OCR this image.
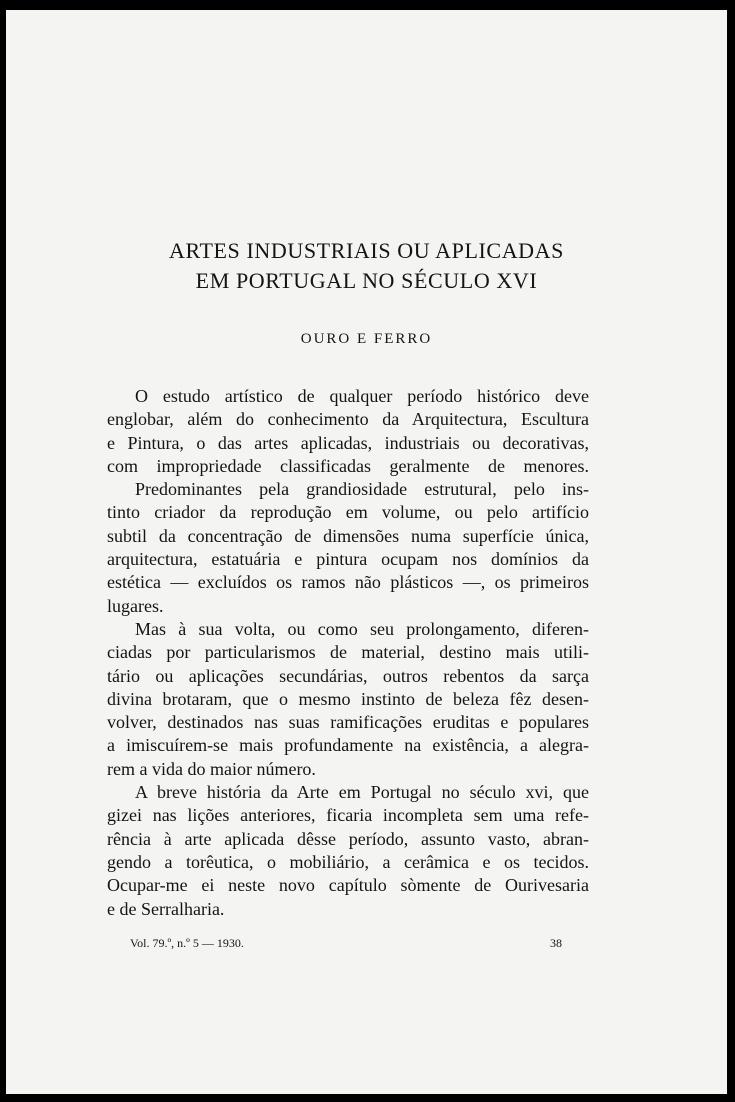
ARTES INDUSTRIAIS OU APLICADAS
EM PORTUGAL NO SÉCULO XVI
OURO E FERRO
O estudo artístico de qualquer período histórico deve
englobar, além do conhecimento da Arquitectura, Escultura
e Pintura, o das artes aplicadas, industriais ou decorativas,
com impropriedade classificadas geralmente de menores.
Predominantes pela grandiosidade estrutural, pelo ins-
tinto criador da reprodução em volume, ou pelo artifício
subtil da concentração de dimensões numa superfície única,
arquitectura, estatuária e pintura ocupam nos domínios da
estética — excluídos os ramos não plásticos —, os primeiros
lugares.
Mas à sua volta, ou como seu prolongamento, diferen-
ciadas por particularismos de material, destino mais utili-
tário ou aplicações secundárias, outros rebentos da sarça
divina brotaram, que o mesmo instinto de beleza fêz desen-
volver, destinados nas suas ramificações eruditas e populares
a imiscuírem-se mais profundamente na existência, a alegra-
rem a vida do maior número.
A breve história da Arte em Portugal no século xvi, que
gizei nas lições anteriores, ficaria incompleta sem uma refe-
rência à arte aplicada dêsse período, assunto vasto, abran-
gendo a torêutica, o mobiliário, a cerâmica e os tecidos.
Ocupar-me ei neste novo capítulo sòmente de Ourivesaria
e de Serralharia.
Vol. 79.º, n.º 5 — 1930.	38
